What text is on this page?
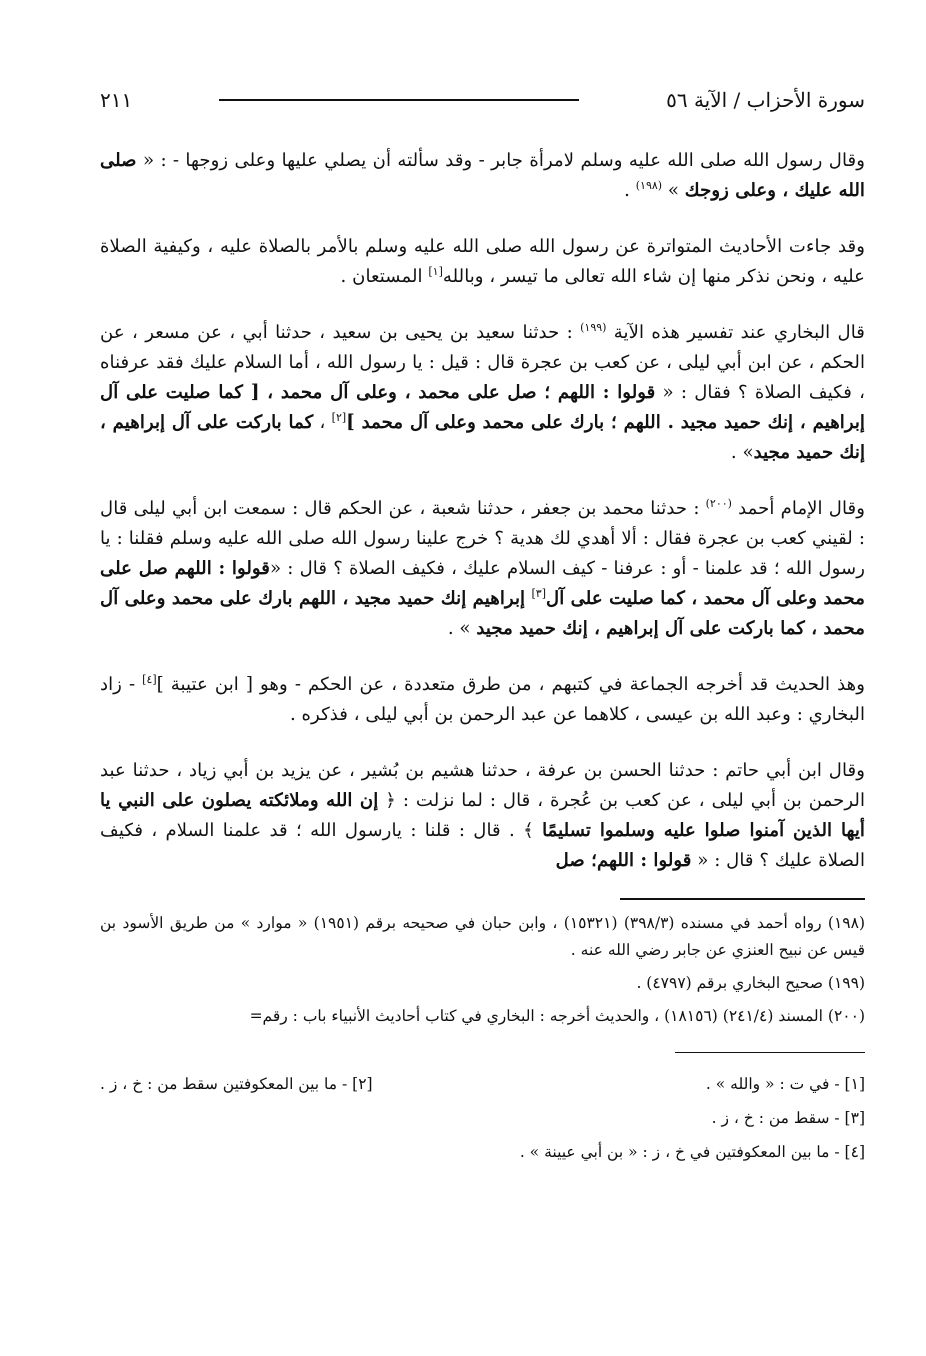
سورة الأحزاب / الآية ٥٦
٢١١

وقال رسول الله صلى الله عليه وسلم لامرأة جابر - وقد سألته أن يصلي عليها وعلى زوجها - : « صلى الله عليك ، وعلى زوجك » $^{(١٩٨)}$ .

وقد جاءت الأحاديث المتواترة عن رسول الله صلى الله عليه وسلم بالأمر بالصلاة عليه ، وكيفية الصلاة عليه ، ونحن نذكر منها إن شاء الله تعالى ما تيسر ، وبالله[١] المستعان .

قال البخاري عند تفسير هذه الآية $^{(١٩٩)}$ : حدثنا سعيد بن يحيى بن سعيد ، حدثنا أبي ، عن مسعر ، عن الحكم ، عن ابن أبي ليلى ، عن كعب بن عجرة قال : قيل : يا رسول الله ، أما السلام عليك فقد عرفناه ، فكيف الصلاة ؟ فقال : « قولوا : اللهم ؛ صل على محمد ، وعلى آل محمد ، [ كما صليت على آل إبراهيم ، إنك حميد مجيد . اللهم ؛ بارك على محمد وعلى آل محمد ][٢] ، كما باركت على آل إبراهيم ، إنك حميد مجيد» .

وقال الإمام أحمد $^{(٢٠٠)}$ : حدثنا محمد بن جعفر ، حدثنا شعبة ، عن الحكم قال : سمعت ابن أبي ليلى قال : لقيني كعب بن عجرة فقال : ألا أهدي لك هدية ؟ خرج علينا رسول الله صلى الله عليه وسلم فقلنا : يا رسول الله ؛ قد علمنا - أو : عرفنا - كيف السلام عليك ، فكيف الصلاة ؟ قال : «قولوا : اللهم صل على محمد وعلى آل محمد ، كما صليت على آل[٣] إبراهيم إنك حميد مجيد ، اللهم بارك على محمد وعلى آل محمد ، كما باركت على آل إبراهيم ، إنك حميد مجيد » .

وهذ الحديث قد أخرجه الجماعة في كتبهم ، من طرق متعددة ، عن الحكم - وهو [ ابن عتيبة ][٤] - زاد البخاري : وعبد الله بن عيسى ، كلاهما عن عبد الرحمن بن أبي ليلى ، فذكره .

وقال ابن أبي حاتم : حدثنا الحسن بن عرفة ، حدثنا هشيم بن بُشير ، عن يزيد بن أبي زياد ، حدثنا عبد الرحمن بن أبي ليلى ، عن كعب بن عُجرة ، قال : لما نزلت : ﴿ إن الله وملائكته يصلون على النبي يا أيها الذين آمنوا صلوا عليه وسلموا تسليمًا ﴾ . قال : قلنا : يارسول الله ؛ قد علمنا السلام ، فكيف الصلاة عليك ؟ قال : « قولوا : اللهم؛ صل

(١٩٨) رواه أحمد في مسنده (٣٩٨/٣) (١٥٣٢١) ، وابن حبان في صحيحه برقم (١٩٥١) « موارد » من طريق الأسود بن قيس عن نبيح العنزي عن جابر رضي الله عنه .

(١٩٩) صحيح البخاري برقم (٤٧٩٧) .

(٢٠٠) المسند (٢٤١/٤) (١٨١٥٦) ، والحديث أخرجه : البخاري في كتاب أحاديث الأنبياء باب : رقم=

[١] - في ت : « والله » .
[٢] - ما بين المعكوفتين سقط من : خ ، ز .
[٣] - سقط من : خ ، ز .
[٤] - ما بين المعكوفتين في خ ، ز : « بن أبي عيينة » .
